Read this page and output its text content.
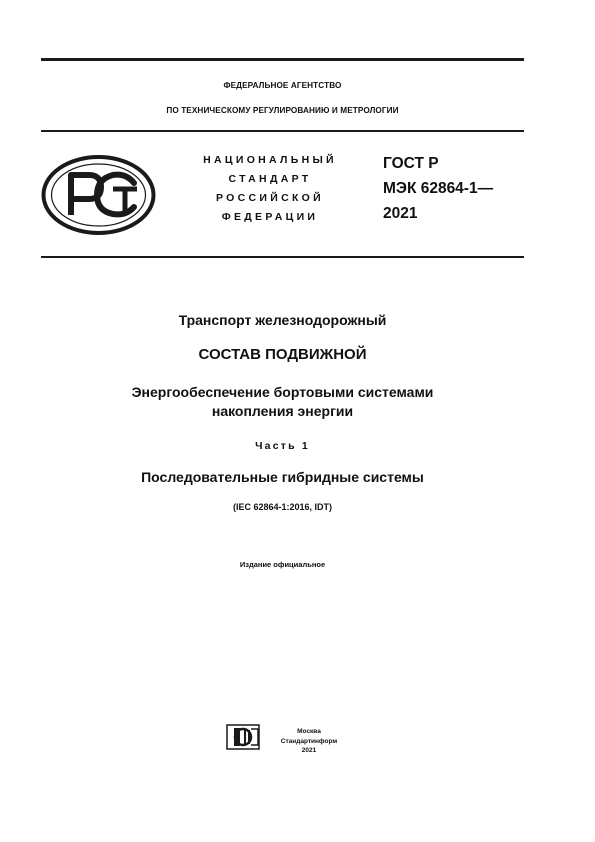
ФЕДЕРАЛЬНОЕ АГЕНТСТВО
ПО ТЕХНИЧЕСКОМУ РЕГУЛИРОВАНИЮ И МЕТРОЛОГИИ
НАЦИОНАЛЬНЫЙ
СТАНДАРТ
РОССИЙСКОЙ
ФЕДЕРАЦИИ
ГОСТ Р
МЭК 62864-1—
2021
Транспорт железнодорожный
СОСТАВ ПОДВИЖНОЙ
Энергообеспечение бортовыми системами
накопления энергии
Часть 1
Последовательные гибридные системы
(IEC 62864-1:2016, IDT)
Издание официальное
Москва
Стандартинформ
2021
